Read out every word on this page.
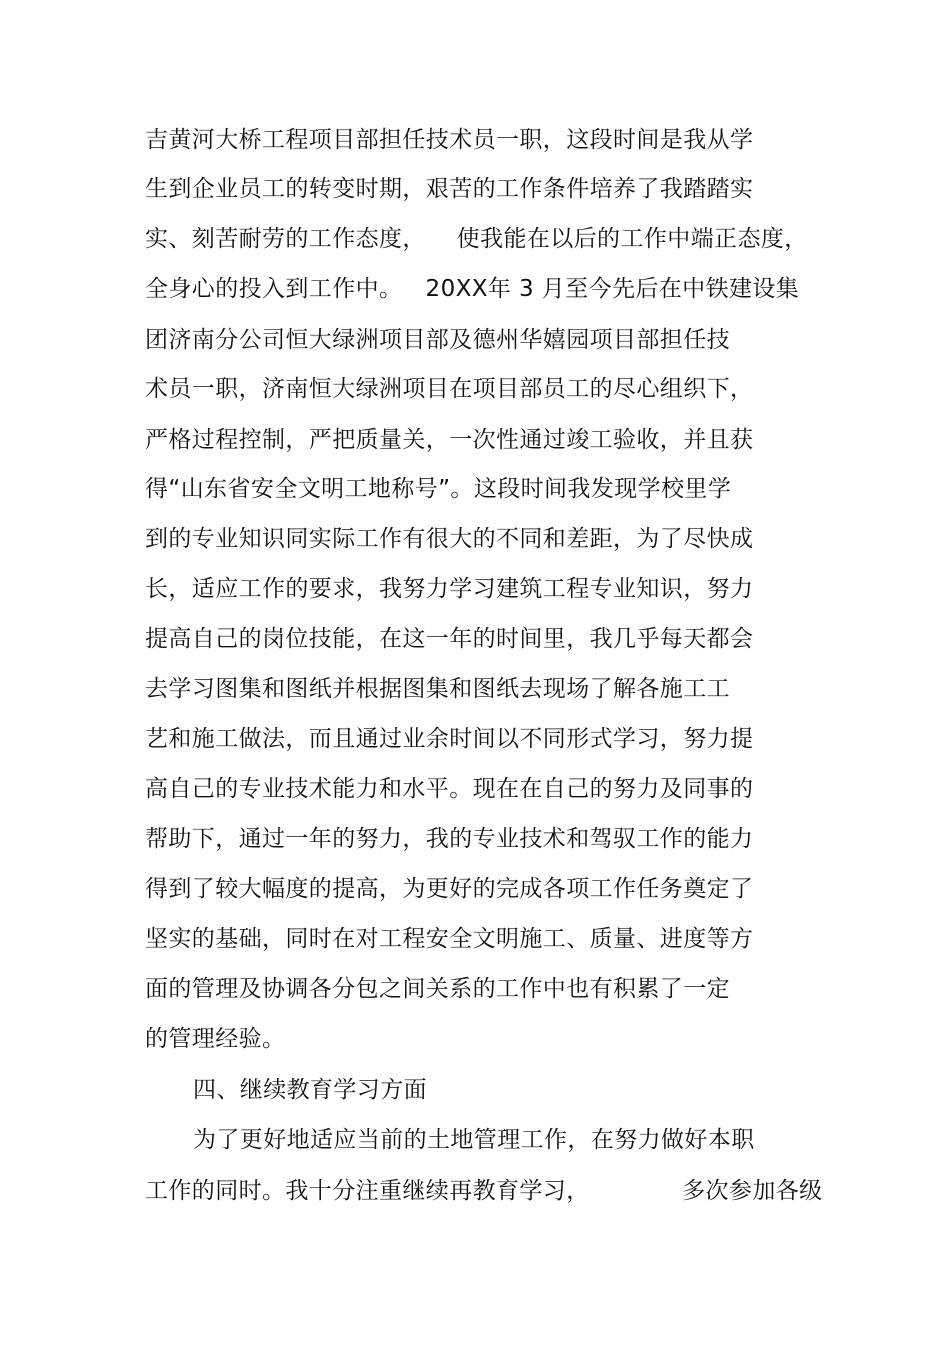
吉黄河大桥工程项目部担任技术员一职，这段时间是我从学
生到企业员工的转变时期，艰苦的工作条件培养了我踏踏实
实、刻苦耐劳的工作态度，    使我能在以后的工作中端正态度，
全身心的投入到工作中。   20XX年 3 月至今先后在中铁建设集
团济南分公司恒大绿洲项目部及德州华嬉园项目部担任技
术员一职，济南恒大绿洲项目在项目部员工的尽心组织下，
严格过程控制，严把质量关，一次性通过竣工验收，并且获
得“山东省安全文明工地称号”。这段时间我发现学校里学
到的专业知识同实际工作有很大的不同和差距，为了尽快成
长，适应工作的要求，我努力学习建筑工程专业知识，努力
提高自己的岗位技能，在这一年的时间里，我几乎每天都会
去学习图集和图纸并根据图集和图纸去现场了解各施工工
艺和施工做法，而且通过业余时间以不同形式学习，努力提
高自己的专业技术能力和水平。现在在自己的努力及同事的
帮助下，通过一年的努力，我的专业技术和驾驭工作的能力
得到了较大幅度的提高，为更好的完成各项工作任务奠定了
坚实的基础，同时在对工程安全文明施工、质量、进度等方
面的管理及协调各分包之间关系的工作中也有积累了一定
的管理经验。
四、继续教育学习方面
为了更好地适应当前的土地管理工作，在努力做好本职
工作的同时。我十分注重继续再教育学习，            多次参加各级
